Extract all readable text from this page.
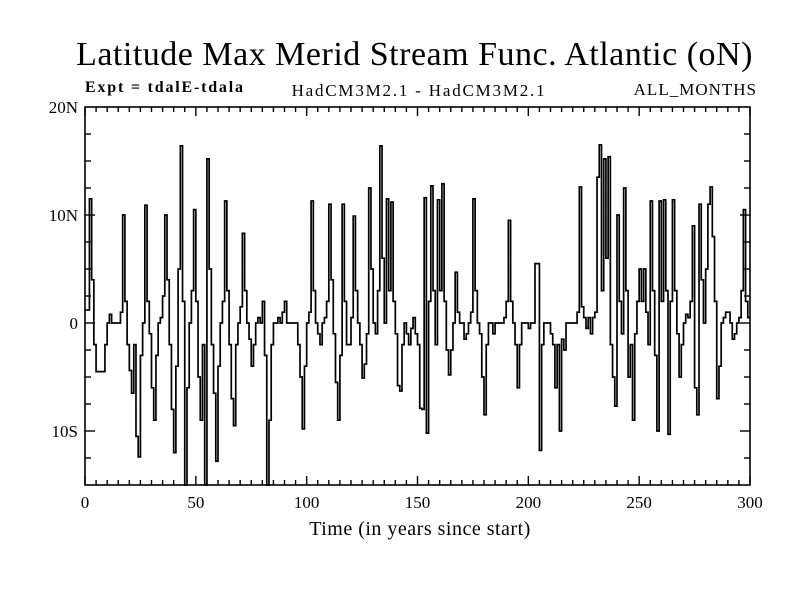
Latitude Max Merid Stream Func. Atlantic (oN)
Expt = tdalE-tdala	HadCM3M2.1 - HadCM3M2.1	ALL_MONTHS
0	50	100	150	200	250	300
20N
10N
0
10S
Time (in years since start)
